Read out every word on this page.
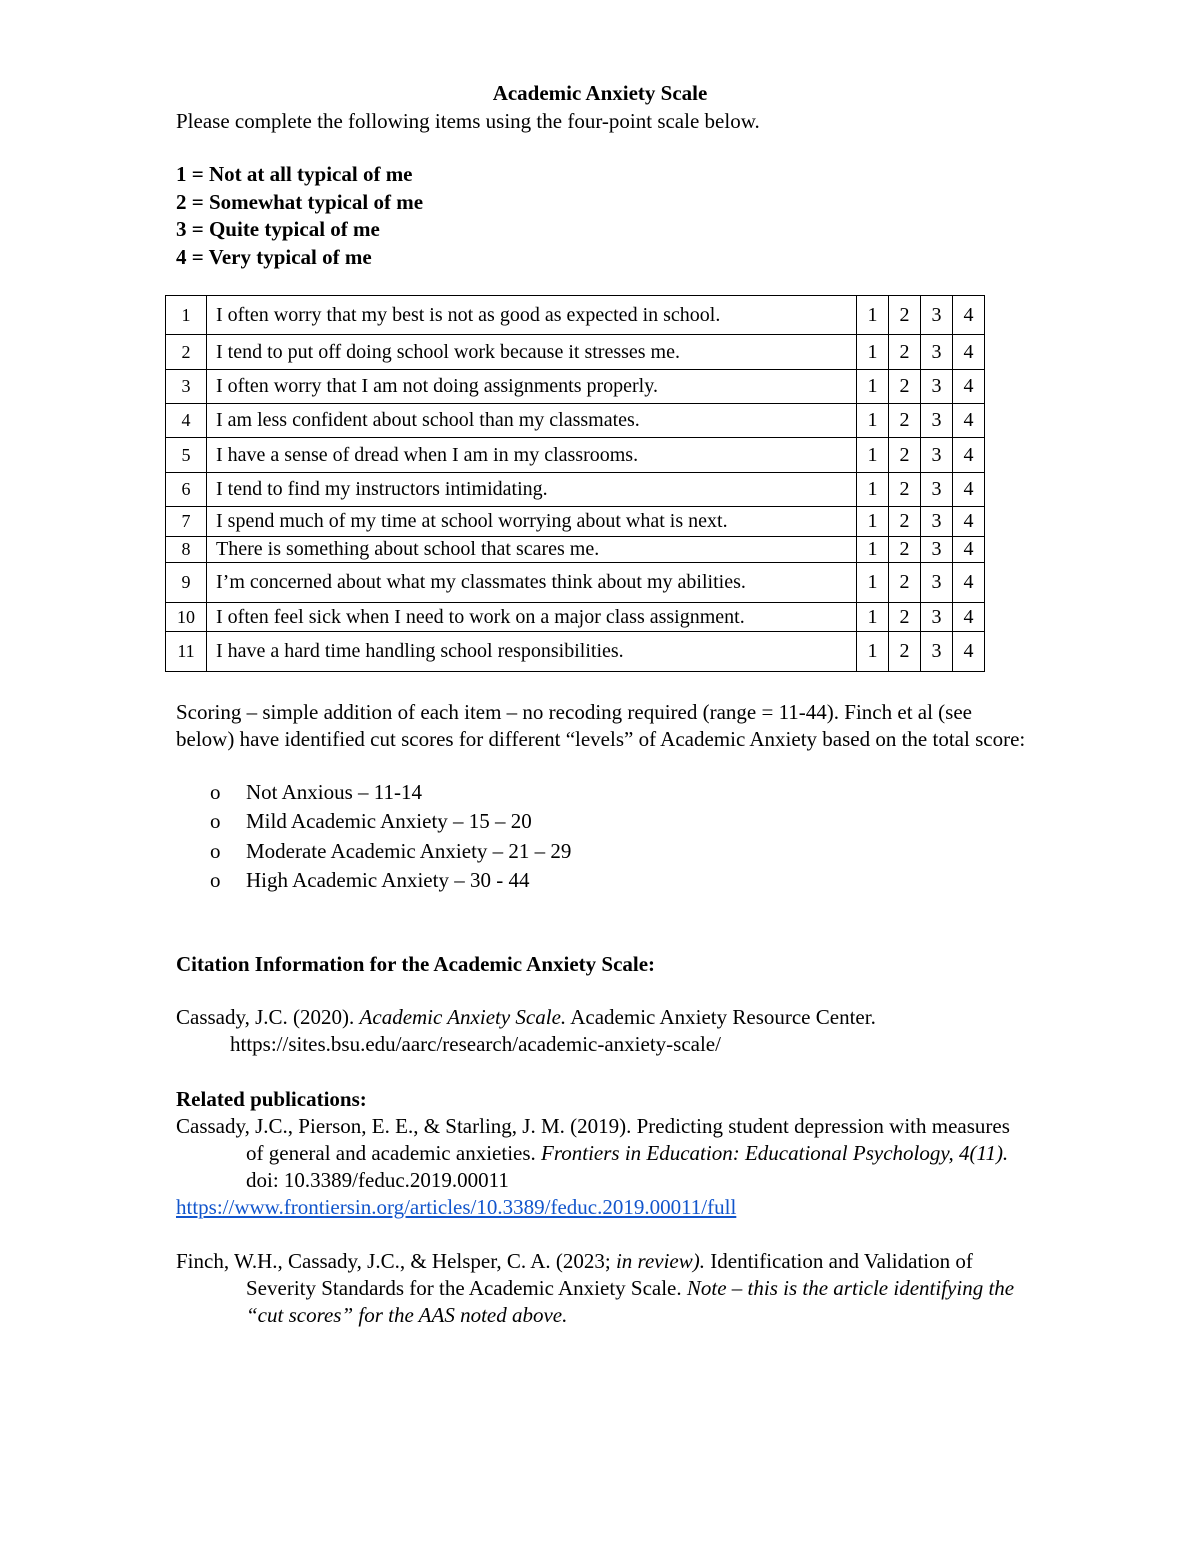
Academic Anxiety Scale
Please complete the following items using the four-point scale below.
1 = Not at all typical of me
2 = Somewhat typical of me
3 = Quite typical of me
4 = Very typical of me
1	I often worry that my best is not as good as expected in school.	1	2	3	4
2	I tend to put off doing school work because it stresses me.	1	2	3	4
3	I often worry that I am not doing assignments properly.	1	2	3	4
4	I am less confident about school than my classmates.	1	2	3	4
5	I have a sense of dread when I am in my classrooms.	1	2	3	4
6	I tend to find my instructors intimidating.	1	2	3	4
7	I spend much of my time at school worrying about what is next.	1	2	3	4
8	There is something about school that scares me.	1	2	3	4
9	I’m concerned about what my classmates think about my abilities.	1	2	3	4
10	I often feel sick when I need to work on a major class assignment.	1	2	3	4
11	I have a hard time handling school responsibilities.	1	2	3	4
Scoring – simple addition of each item – no recoding required (range = 11-44). Finch et al (see below) have identified cut scores for different “levels” of Academic Anxiety based on the total score:
o Not Anxious – 11-14
o Mild Academic Anxiety – 15 – 20
o Moderate Academic Anxiety – 21 – 29
o High Academic Anxiety – 30 - 44
Citation Information for the Academic Anxiety Scale:
Cassady, J.C. (2020). Academic Anxiety Scale. Academic Anxiety Resource Center.
https://sites.bsu.edu/aarc/research/academic-anxiety-scale/
Related publications:
Cassady, J.C., Pierson, E. E., & Starling, J. M. (2019). Predicting student depression with measures of general and academic anxieties. Frontiers in Education: Educational Psychology, 4(11). doi: 10.3389/feduc.2019.00011
https://www.frontiersin.org/articles/10.3389/feduc.2019.00011/full
Finch, W.H., Cassady, J.C., & Helsper, C. A. (2023; in review). Identification and Validation of Severity Standards for the Academic Anxiety Scale. Note – this is the article identifying the “cut scores” for the AAS noted above.
